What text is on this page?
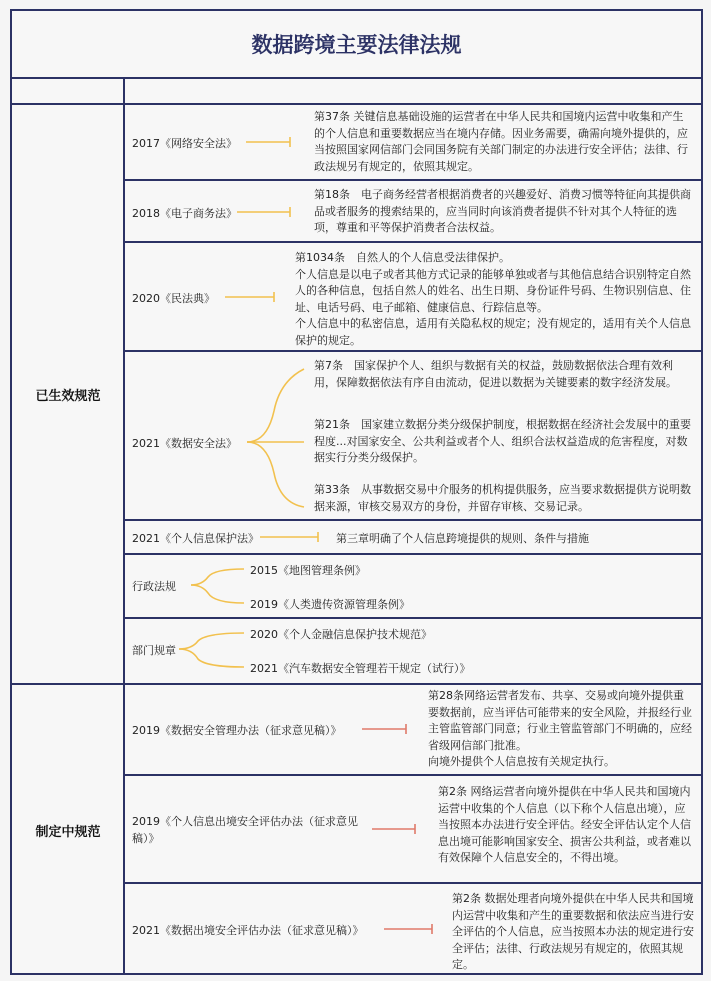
数据跨境主要法律法规
已生效规范
制定中规范
2017《网络安全法》
第37条 关键信息基础设施的运营者在中华人民共和国境内运营中收集和产生的个人信息和重要数据应当在境内存储。因业务需要，确需向境外提供的，应当按照国家网信部门会同国务院有关部门制定的办法进行安全评估；法律、行政法规另有规定的，依照其规定。
2018《电子商务法》
第18条　电子商务经营者根据消费者的兴趣爱好、消费习惯等特征向其提供商品或者服务的搜索结果的，应当同时向该消费者提供不针对其个人特征的选项，尊重和平等保护消费者合法权益。
2020《民法典》

第1034条　自然人的个人信息受法律保护。

个人信息是以电子或者其他方式记录的能够单独或者与其他信息结合识别特定自然人的各种信息，包括自然人的姓名、出生日期、身份证件号码、生物识别信息、住址、电话号码、电子邮箱、健康信息、行踪信息等。

个人信息中的私密信息，适用有关隐私权的规定；没有规定的，适用有关个人信息保护的规定。

2021《数据安全法》
第7条　国家保护个人、组织与数据有关的权益，鼓励数据依法合理有效利用，保障数据依法有序自由流动，促进以数据为关键要素的数字经济发展。
第21条　国家建立数据分类分级保护制度，根据数据在经济社会发展中的重要程度...对国家安全、公共利益或者个人、组织合法权益造成的危害程度，对数据实行分类分级保护。
第33条　从事数据交易中介服务的机构提供服务，应当要求数据提供方说明数据来源，审核交易双方的身份，并留存审核、交易记录。
2021《个人信息保护法》	第三章明确了个人信息跨境提供的规则、条件与措施
行政法规
2015《地图管理条例》
2019《人类遗传资源管理条例》
部门规章
2020《个人金融信息保护技术规范》
2021《汽车数据安全管理若干规定（试行）》
2019《数据安全管理办法（征求意见稿）》

第28条网络运营者发布、共享、交易或向境外提供重要数据前，应当评估可能带来的安全风险，并报经行业主管监管部门同意；行业主管监管部门不明确的，应经省级网信部门批准。

向境外提供个人信息按有关规定执行。

2019《个人信息出境安全评估办法（征求意见稿）》
第2条 网络运营者向境外提供在中华人民共和国境内运营中收集的个人信息（以下称个人信息出境），应当按照本办法进行安全评估。经安全评估认定个人信息出境可能影响国家安全、损害公共利益，或者难以有效保障个人信息安全的，不得出境。
2021《数据出境安全评估办法（征求意见稿）》
第2条 数据处理者向境外提供在中华人民共和国境内运营中收集和产生的重要数据和依法应当进行安全评估的个人信息，应当按照本办法的规定进行安全评估；法律、行政法规另有规定的，依照其规定。
